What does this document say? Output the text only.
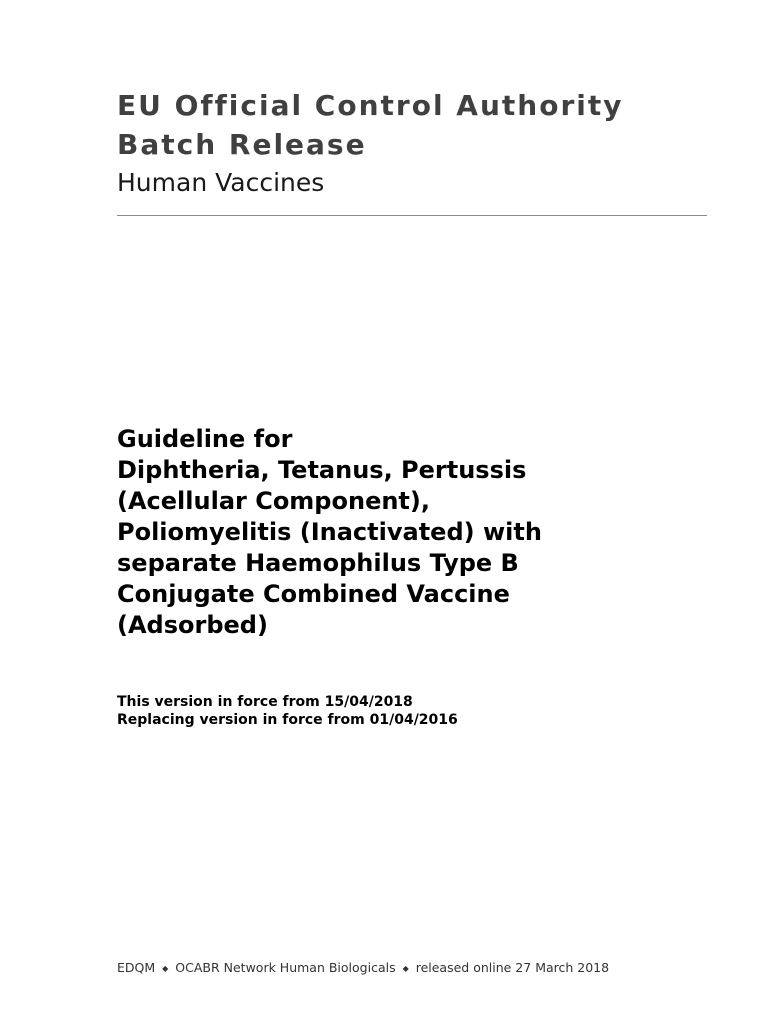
EU Official Control Authority
Batch Release
Human Vaccines
Guideline for
Diphtheria, Tetanus, Pertussis
(Acellular Component),
Poliomyelitis (Inactivated) with
separate Haemophilus Type B
Conjugate Combined Vaccine
(Adsorbed)
This version in force from 15/04/2018
Replacing version in force from 01/04/2016
EDQM ◆ OCABR Network Human Biologicals ◆ released online 27 March 2018
